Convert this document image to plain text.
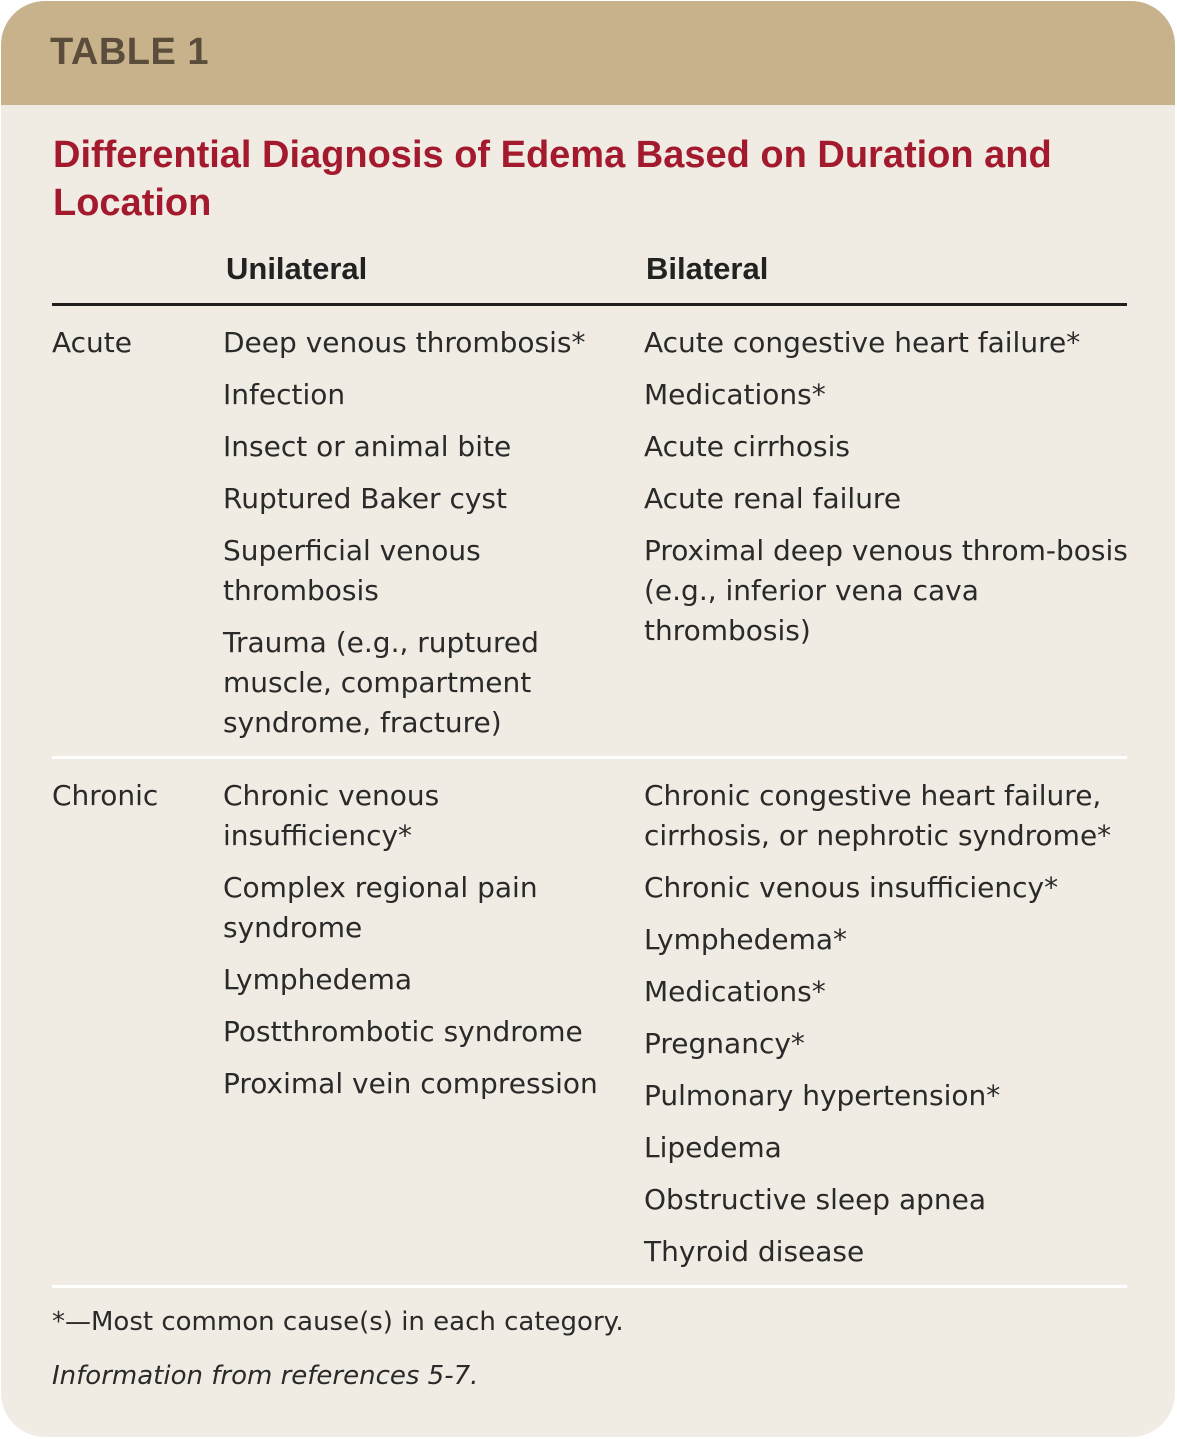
TABLE 1
Differential Diagnosis of Edema Based on Duration and Location
Unilateral	Bilateral
Acute	Deep venous thrombosis*
Infection
Insect or animal bite
Ruptured Baker cyst
Superficial venous thrombosis
Trauma (e.g., ruptured muscle, compartment syndrome, fracture)
Acute congestive heart failure*
Medications*
Acute cirrhosis
Acute renal failure
Proximal deep venous throm-bosis (e.g., inferior vena cava thrombosis)
Chronic Chronic venous insufficiency*
Complex regional pain syndrome
Lymphedema
Postthrombotic syndrome
Proximal vein compression
Chronic congestive heart failure, cirrhosis, or nephrotic syndrome*
Chronic venous insufficiency*
Lymphedema*
Medications*
Pregnancy*
Pulmonary hypertension*
Lipedema
Obstructive sleep apnea
Thyroid disease
*—Most common cause(s) in each category.
Information from references 5-7.
